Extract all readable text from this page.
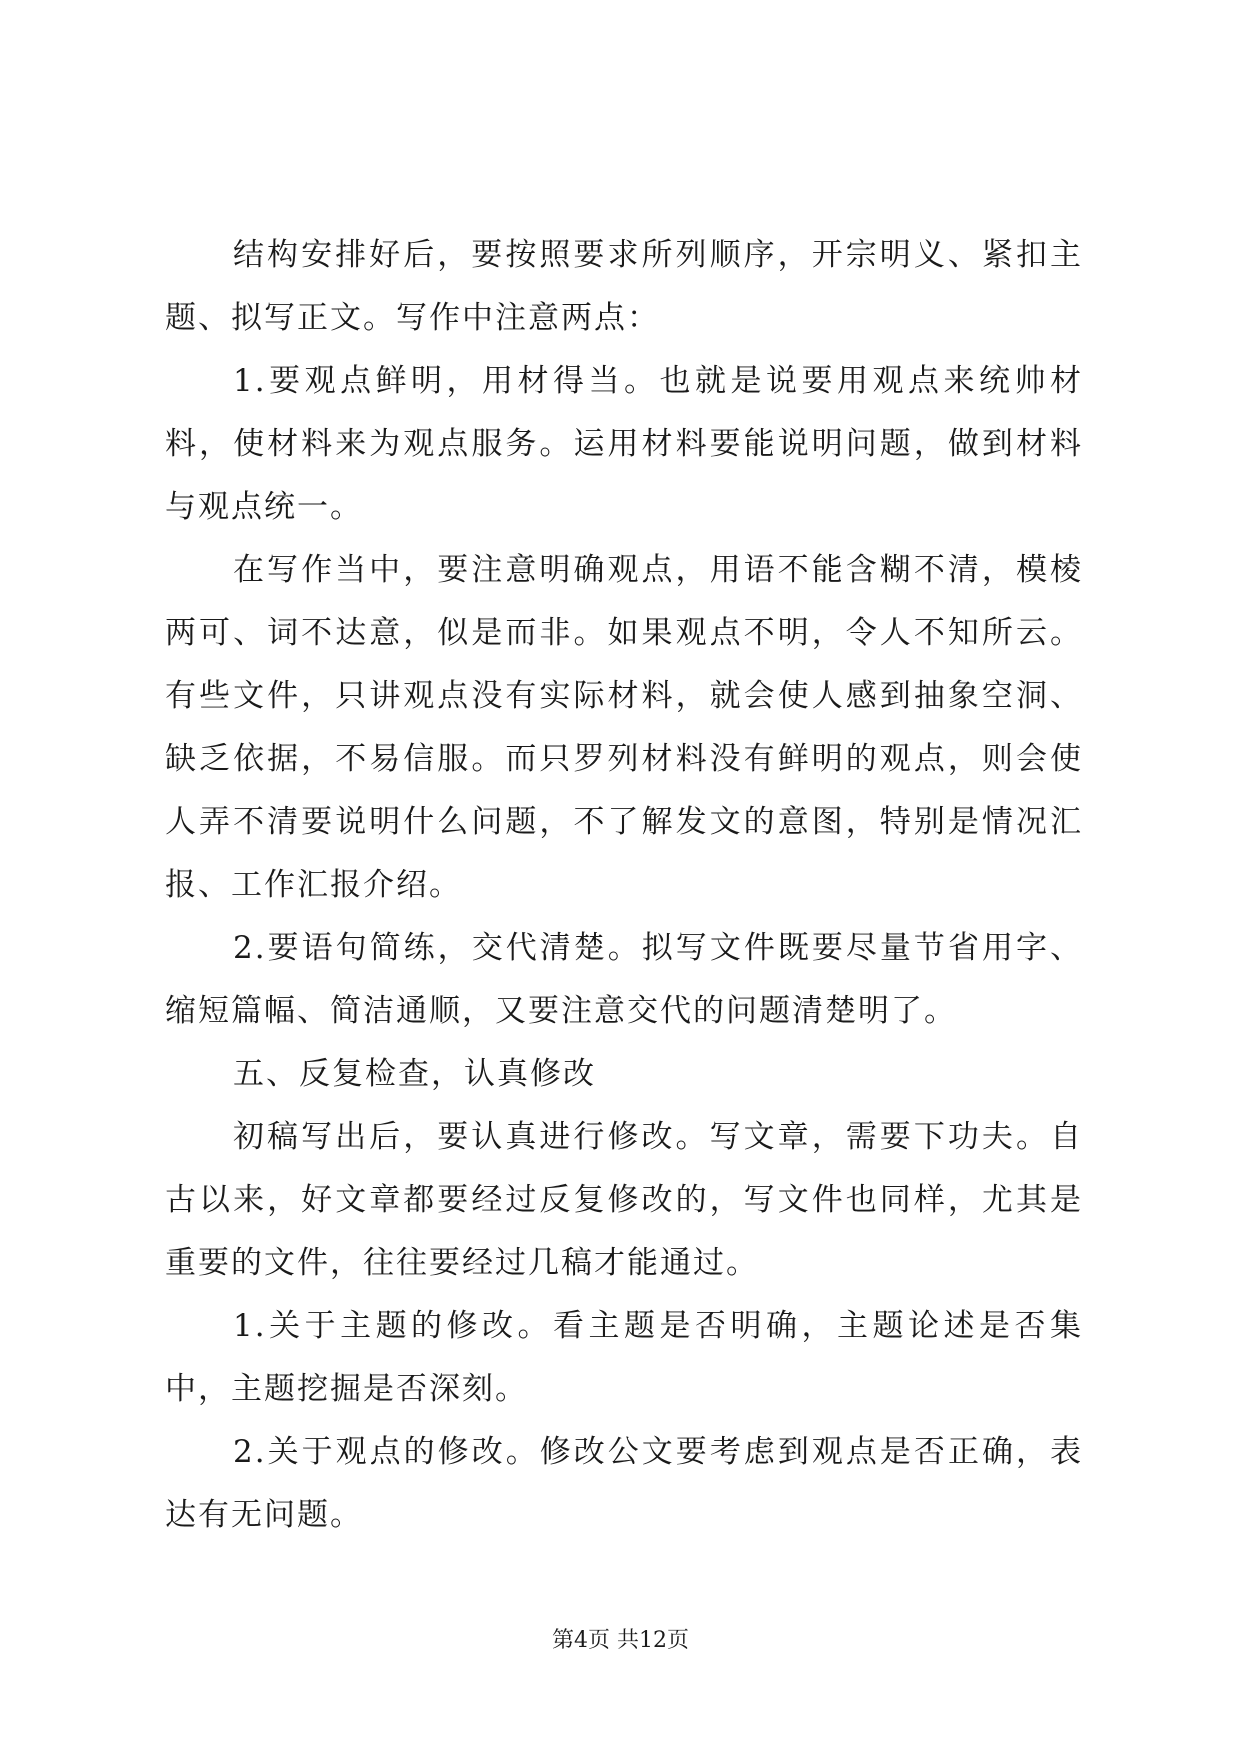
结构安排好后，要按照要求所列顺序，开宗明义、紧扣主题、拟写正文。写作中注意两点：

1.要观点鲜明，用材得当。也就是说要用观点来统帅材料，使材料来为观点服务。运用材料要能说明问题，做到材料与观点统一。

在写作当中，要注意明确观点，用语不能含糊不清，模棱两可、词不达意，似是而非。如果观点不明，令人不知所云。有些文件，只讲观点没有实际材料，就会使人感到抽象空洞、缺乏依据，不易信服。而只罗列材料没有鲜明的观点，则会使人弄不清要说明什么问题，不了解发文的意图，特别是情况汇报、工作汇报介绍。

2.要语句简练，交代清楚。拟写文件既要尽量节省用字、缩短篇幅、简洁通顺，又要注意交代的问题清楚明了。

五、反复检查，认真修改

初稿写出后，要认真进行修改。写文章，需要下功夫。自古以来，好文章都要经过反复修改的，写文件也同样，尤其是重要的文件，往往要经过几稿才能通过。

1.关于主题的修改。看主题是否明确，主题论述是否集中，主题挖掘是否深刻。

2.关于观点的修改。修改公文要考虑到观点是否正确，表达有无问题。

第4页 共12页
